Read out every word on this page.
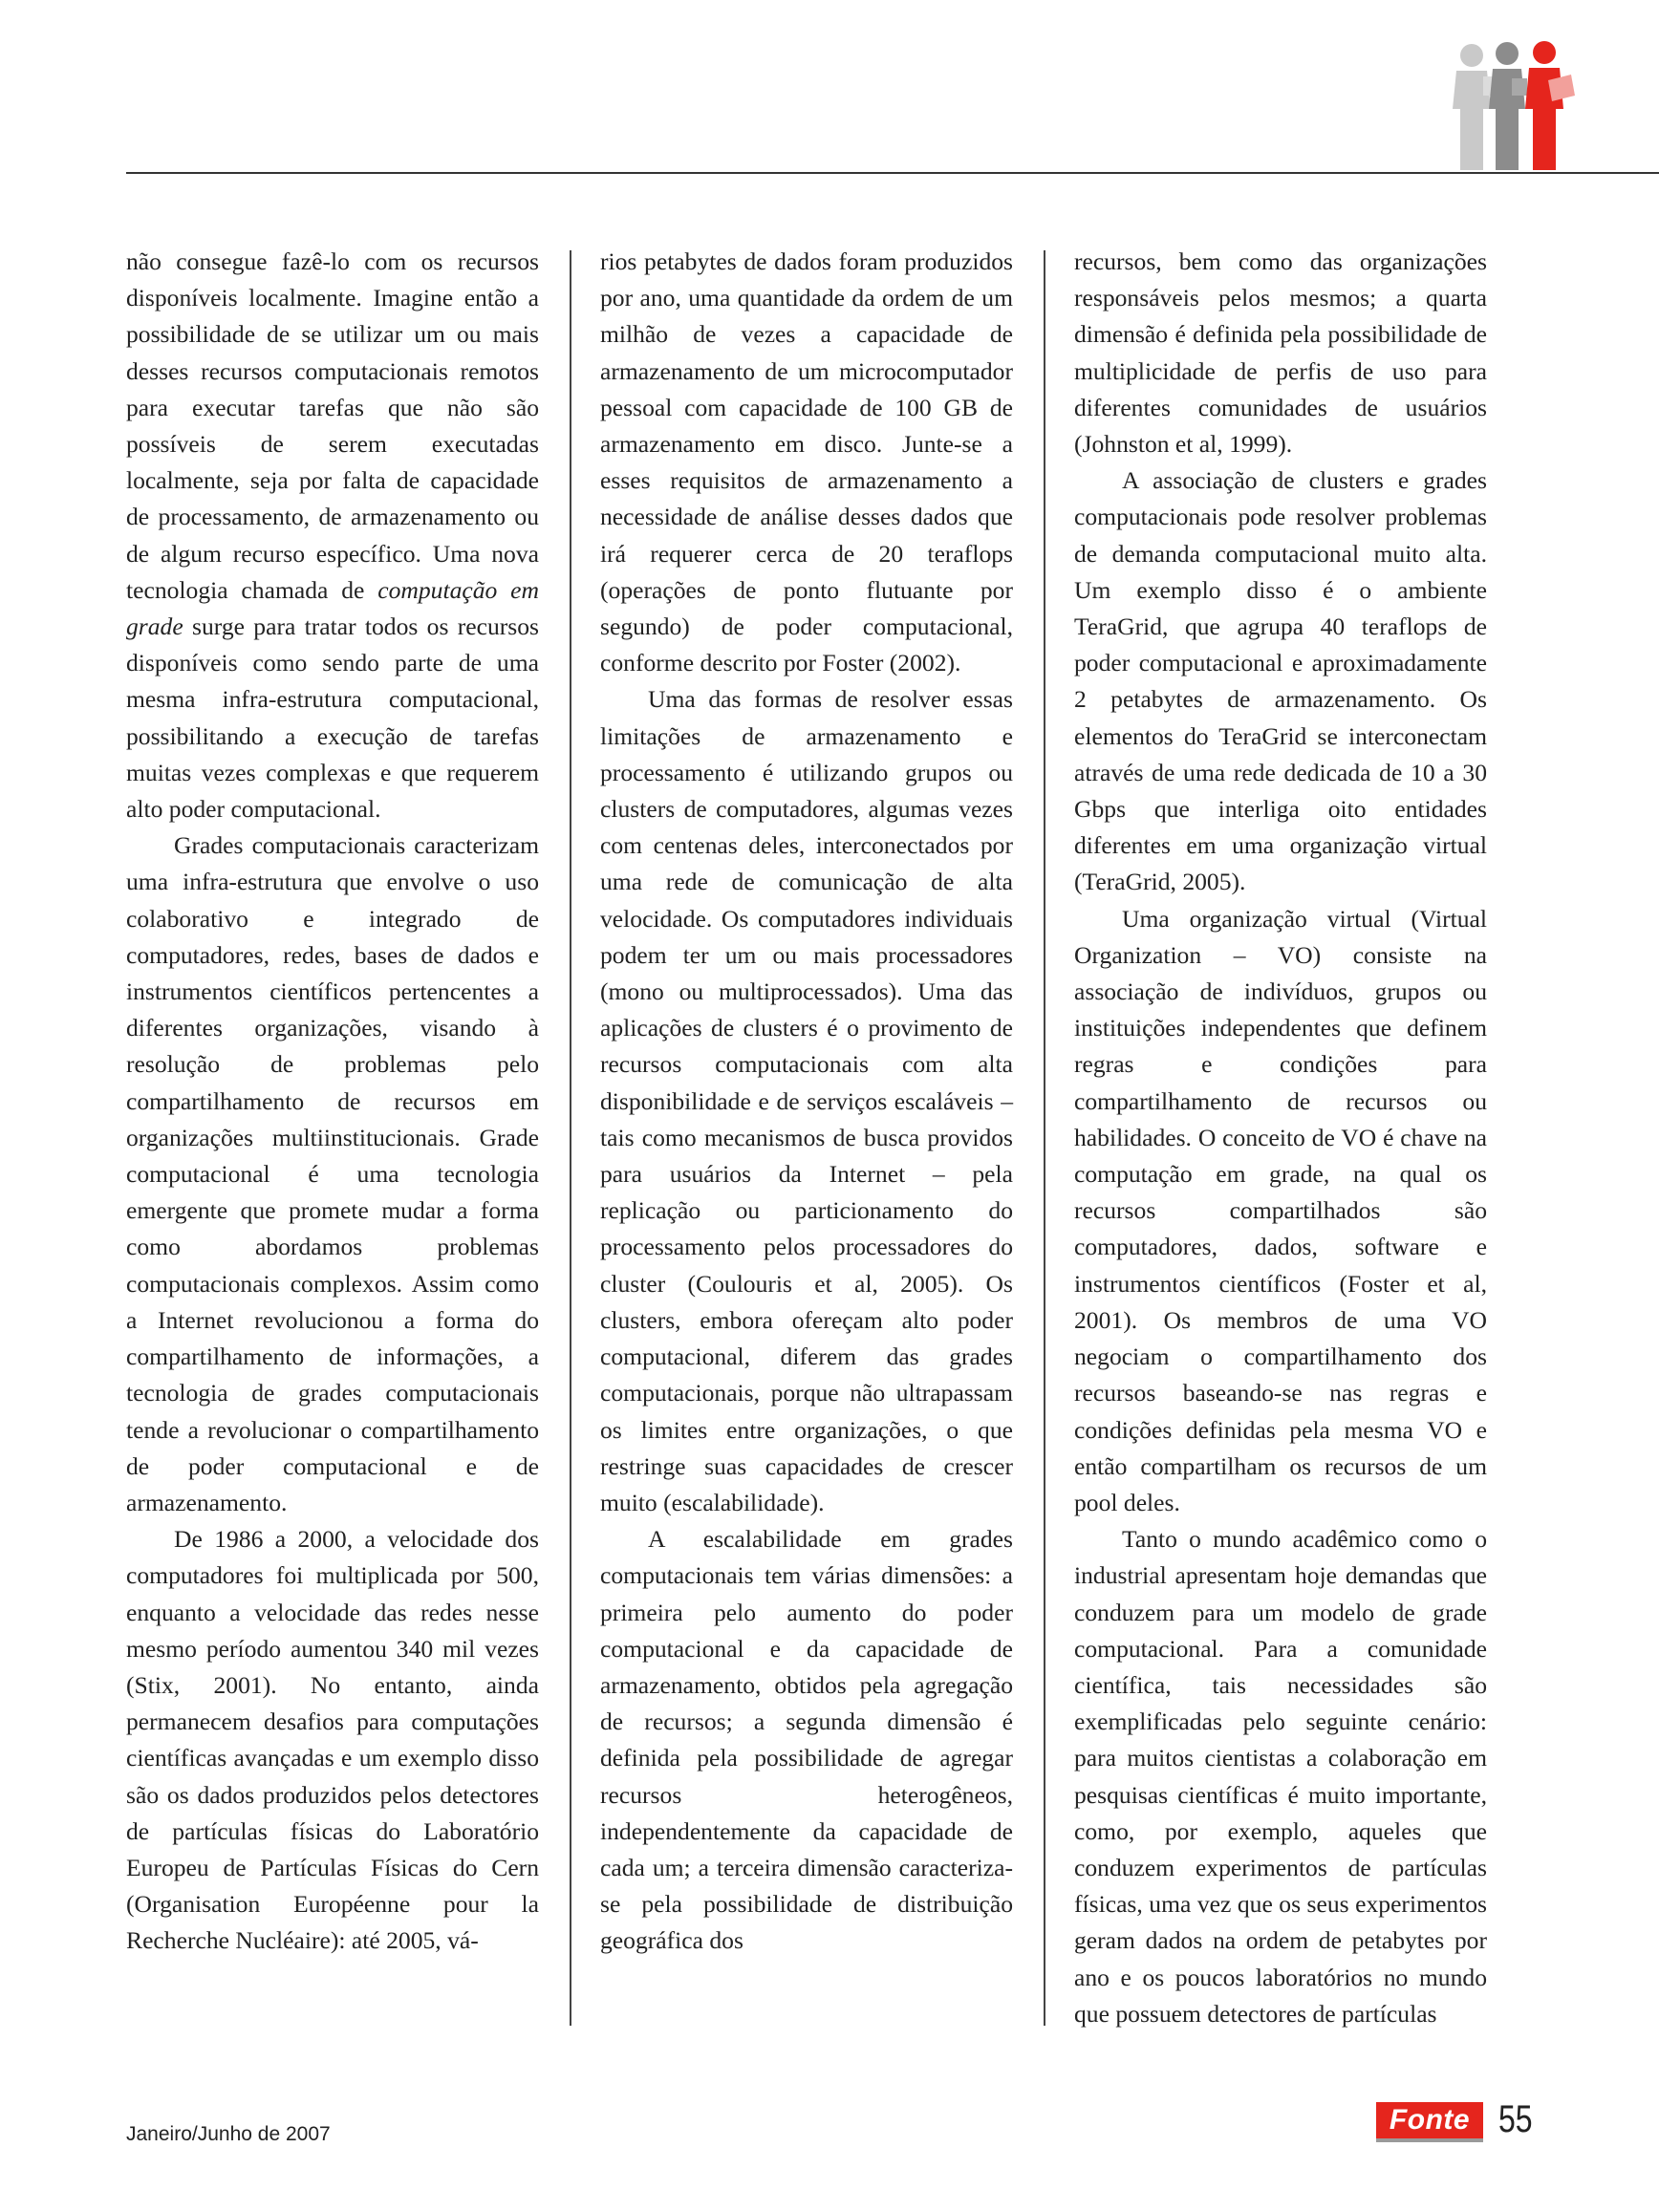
não consegue fazê-lo com os recursos disponíveis localmente. Imagine então a possibilidade de se utilizar um ou mais desses recursos computacionais remotos para executar tarefas que não são possíveis de serem executadas localmente, seja por falta de capacidade de processamento, de armazenamento ou de algum recurso específico. Uma nova tecnologia chamada de computação em grade surge para tratar todos os recursos disponíveis como sendo parte de uma mesma infra-estrutura computacional, possibilitando a execução de tarefas muitas vezes complexas e que requerem alto poder computacional.

Grades computacionais caracterizam uma infra-estrutura que envolve o uso colaborativo e integrado de computadores, redes, bases de dados e instrumentos científicos pertencentes a diferentes organizações, visando à resolução de problemas pelo compartilhamento de recursos em organizações multiinstitucionais. Grade computacional é uma tecnologia emergente que promete mudar a forma como abordamos problemas computacionais complexos. Assim como a Internet revolucionou a forma do compartilhamento de informações, a tecnologia de grades computacionais tende a revolucionar o compartilhamento de poder computacional e de armazenamento.

De 1986 a 2000, a velocidade dos computadores foi multiplicada por 500, enquanto a velocidade das redes nesse mesmo período aumentou 340 mil vezes (Stix, 2001). No entanto, ainda permanecem desafios para computações científicas avançadas e um exemplo disso são os dados produzidos pelos detectores de partículas físicas do Laboratório Europeu de Partículas Físicas do Cern (Organisation Européenne pour la Recherche Nucléaire): até 2005, vá-

rios petabytes de dados foram produzidos por ano, uma quantidade da ordem de um milhão de vezes a capacidade de armazenamento de um microcomputador pessoal com capacidade de 100 GB de armazenamento em disco. Junte-se a esses requisitos de armazenamento a necessidade de análise desses dados que irá requerer cerca de 20 teraflops (operações de ponto flutuante por segundo) de poder computacional, conforme descrito por Foster (2002).

Uma das formas de resolver essas limitações de armazenamento e processamento é utilizando grupos ou clusters de computadores, algumas vezes com centenas deles, interconectados por uma rede de comunicação de alta velocidade. Os computadores individuais podem ter um ou mais processadores (mono ou multiprocessados). Uma das aplicações de clusters é o provimento de recursos computacionais com alta disponibilidade e de serviços escaláveis – tais como mecanismos de busca providos para usuários da Internet – pela replicação ou particionamento do processamento pelos processadores do cluster (Coulouris et al, 2005). Os clusters, embora ofereçam alto poder computacional, diferem das grades computacionais, porque não ultrapassam os limites entre organizações, o que restringe suas capacidades de crescer muito (escalabilidade).

A escalabilidade em grades computacionais tem várias dimensões: a primeira pelo aumento do poder computacional e da capacidade de armazenamento, obtidos pela agregação de recursos; a segunda dimensão é definida pela possibilidade de agregar recursos heterogêneos, independentemente da capacidade de cada um; a terceira dimensão caracteriza-se pela possibilidade de distribuição geográfica dos

recursos, bem como das organizações responsáveis pelos mesmos; a quarta dimensão é definida pela possibilidade de multiplicidade de perfis de uso para diferentes comunidades de usuários (Johnston et al, 1999).

A associação de clusters e grades computacionais pode resolver problemas de demanda computacional muito alta. Um exemplo disso é o ambiente TeraGrid, que agrupa 40 teraflops de poder computacional e aproximadamente 2 petabytes de armazenamento. Os elementos do TeraGrid se interconectam através de uma rede dedicada de 10 a 30 Gbps que interliga oito entidades diferentes em uma organização virtual (TeraGrid, 2005).

Uma organização virtual (Virtual Organization – VO) consiste na associação de indivíduos, grupos ou instituições independentes que definem regras e condições para compartilhamento de recursos ou habilidades. O conceito de VO é chave na computação em grade, na qual os recursos compartilhados são computadores, dados, software e instrumentos científicos (Foster et al, 2001). Os membros de uma VO negociam o compartilhamento dos recursos baseando-se nas regras e condições definidas pela mesma VO e então compartilham os recursos de um pool deles.

Tanto o mundo acadêmico como o industrial apresentam hoje demandas que conduzem para um modelo de grade computacional. Para a comunidade científica, tais necessidades são exemplificadas pelo seguinte cenário: para muitos cientistas a colaboração em pesquisas científicas é muito importante, como, por exemplo, aqueles que conduzem experimentos de partículas físicas, uma vez que os seus experimentos geram dados na ordem de petabytes por ano e os poucos laboratórios no mundo que possuem detectores de partículas

Janeiro/Junho de 2007	Fonte 55
